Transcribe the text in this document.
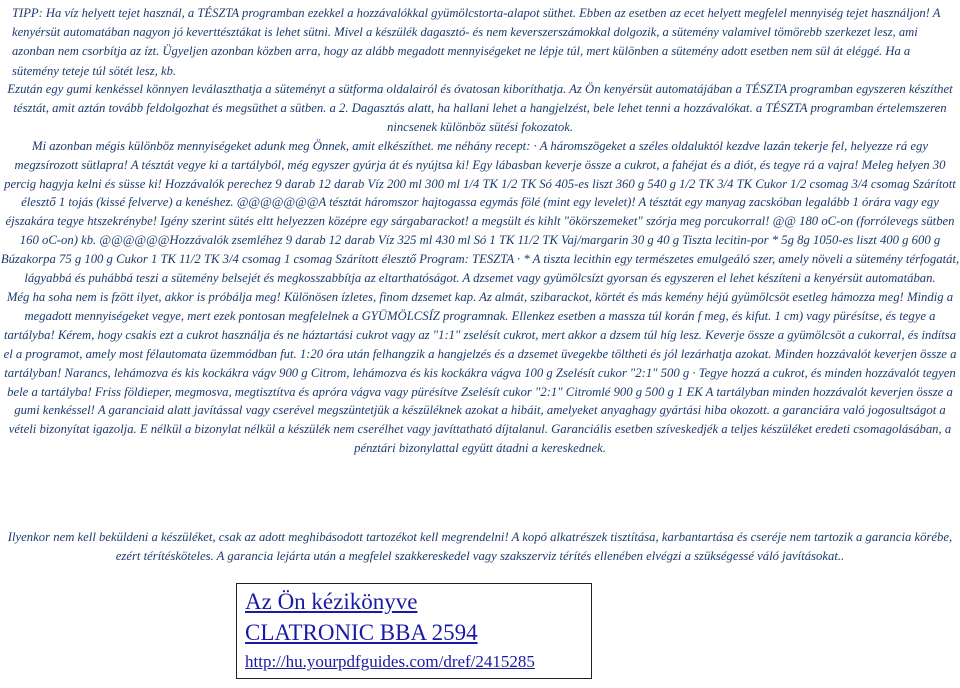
TIPP: Ha víz helyett tejet használ, a TÉSZTA programban ezekkel a hozzávalókkal gyümölcstorta-alapot süthet. Ebben az esetben az ecet helyett megfelel mennyiség tejet használjon! A kenyérsüt automatában nagyon jó keverttésztákat is lehet sütni. Mivel a készülék dagasztó- és nem keverszerszámokkal dolgozik, a sütemény valamivel tömörebb szerkezet lesz, ami azonban nem csorbítja az ízt. Ügyeljen azonban közben arra, hogy az alább megadott mennyiségeket ne lépje túl, mert különben a sütemény adott esetben nem sül át eléggé. Ha a sütemény teteje túl sötét lesz, kb.

Ezután egy gumi kenkéssel könnyen leválaszthatja a süteményt a sütforma oldalairól és óvatosan kiboríthatja. Az Ön kenyérsüt automatájában a TÉSZTA programban egyszeren készíthet tésztát, amit aztán tovább feldolgozhat és megsüthet a sütben. a 2. Dagasztás alatt, ha hallani lehet a hangjelzést, bele lehet tenni a hozzávalókat. a TÉSZTA programban értelemszeren nincsenek különböz sütési fokozatok.

Mi azonban mégis különböz mennyiségeket adunk meg Önnek, amit elkészíthet. me néhány recept: · A háromszögeket a széles oldaluktól kezdve lazán tekerje fel, helyezze rá egy megzsírozott sütlapra! A tésztát vegye ki a tartályból, még egyszer gyúrja át és nyújtsa ki! Egy lábasban keverje össze a cukrot, a fahéjat és a diót, és tegye rá a vajra! Meleg helyen 30 percig hagyja kelni és süsse ki! Hozzávalók perechez 9 darab 12 darab Víz 200 ml 300 ml 1/4 TK 1/2 TK Só 405-es liszt 360 g 540 g 1/2 TK 3/4 TK Cukor 1/2 csomag 3/4 csomag Szárított élesztő 1 tojás (kissé felverve) a kenéshez. @@@@@@@A tésztát háromszor hajtogassa egymás fölé (mint egy levelet)! A tésztát egy manyag zacskóban legalább 1 órára vagy egy éjszakára tegye htszekrénybe! Igény szerint sütés eltt helyezzen középre egy sárgabarackot! a megsült és kihlt "ökörszemeket" szórja meg porcukorral! @@ 180 oC-on (forrólevegs sütben 160 oC-on) kb. @@@@@@Hozzávalók zsemléhez 9 darab 12 darab Víz 325 ml 430 ml Só 1 TK 11/2 TK Vaj/margarin 30 g 40 g Tiszta lecitin-por * 5g 8g 1050-es liszt 400 g 600 g Búzakorpa 75 g 100 g Cukor 1 TK 11/2 TK 3/4 csomag 1 csomag Szárított élesztő Program: TESZTA · * A tiszta lecithin egy természetes emulgeáló szer, amely növeli a sütemény térfogatát, lágyabbá és puhábbá teszi a sütemény belsejét és megkosszabbítja az eltarthatóságot. A dzsemet vagy gyümölcsízt gyorsan és egyszeren el lehet készíteni a kenyérsüt automatában.

Még ha soha nem is fzött ilyet, akkor is próbálja meg! Különösen ízletes, finom dzsemet kap. Az almát, szibarackot, körtét és más kemény héjú gyümölcsöt esetleg hámozza meg! Mindig a megadott mennyiségeket vegye, mert ezek pontosan megfelelnek a GYÜMÖLCSÍZ programnak. Ellenkez esetben a massza túl korán f meg, és kifut. 1 cm) vagy pürésítse, és tegye a tartályba! Kérem, hogy csakis ezt a cukrot használja és ne háztartási cukrot vagy az "1:1" zselésít cukrot, mert akkor a dzsem túl híg lesz. Keverje össze a gyümölcsöt a cukorral, és indítsa el a programot, amely most félautomata üzemmódban fut. 1:20 óra után felhangzik a hangjelzés és a dzsemet üvegekbe töltheti és jól lezárhatja azokat. Minden hozzávalót keverjen össze a tartályban! Narancs, lehámozva és kis kockákra vágv 900 g Citrom, lehámozva és kis kockákra vágva 100 g Zselésít cukor "2:1" 500 g · Tegye hozzá a cukrot, és minden hozzávalót tegyen bele a tartályba! Friss földieper, megmosva, megtisztítva és apróra vágva vagy pürésítve Zselésít cukor "2:1" Citromlé 900 g 500 g 1 EK A tartályban minden hozzávalót keverjen össze a gumi kenkéssel! A garanciaid alatt javítással vagy cserével megszüntetjük a készüléknek azokat a hibáit, amelyeket anyaghagy gyártási hiba okozott. a garanciára való jogosultságot a vételi bizonyítat igazolja. E nélkül a bizonylat nélkül a készülék nem cserélhet vagy javíttatható díjtalanul. Garanciális esetben szíveskedjék a teljes készüléket eredeti csomagolásában, a pénztári bizonylattal együtt átadni a kereskednek.

Ilyenkor nem kell beküldeni a készüléket, csak az adott meghibásodott tartozékot kell megrendelni! A kopó alkatrészek tisztítása, karbantartása és cseréje nem tartozik a garancia körébe, ezért térítésköteles. A garancia lejárta után a megfelel szakkereskedel vagy szakszerviz térítés ellenében elvégzi a szükségessé váló javításokat..
Az Ön kézikönyve
CLATRONIC BBA 2594
http://hu.yourpdfguides.com/dref/2415285
